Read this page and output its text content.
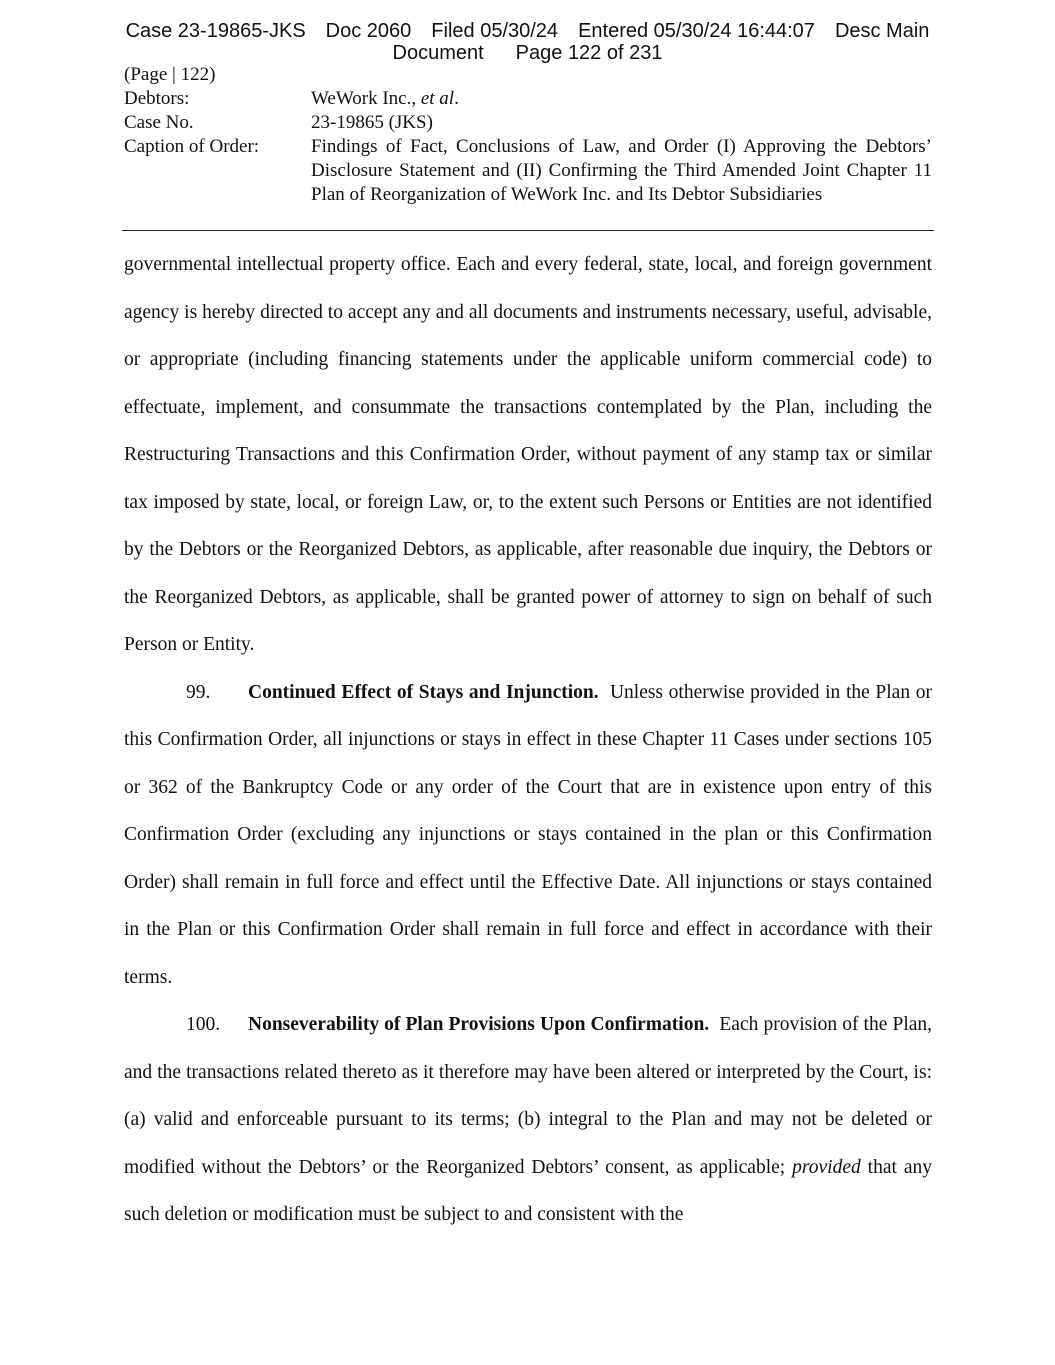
Case 23-19865-JKS Doc 2060 Filed 05/30/24 Entered 05/30/24 16:44:07 Desc Main
Document Page 122 of 231
(Page | 122)
Debtors:	WeWork Inc., et al.
Case No.	23-19865 (JKS)
Caption of Order:	Findings of Fact, Conclusions of Law, and Order (I) Approving the Debtors’ Disclosure Statement and (II) Confirming the Third Amended Joint Chapter 11 Plan of Reorganization of WeWork Inc. and Its Debtor Subsidiaries

governmental intellectual property office. Each and every federal, state, local, and foreign government agency is hereby directed to accept any and all documents and instruments necessary, useful, advisable, or appropriate (including financing statements under the applicable uniform commercial code) to effectuate, implement, and consummate the transactions contemplated by the Plan, including the Restructuring Transactions and this Confirmation Order, without payment of any stamp tax or similar tax imposed by state, local, or foreign Law, or, to the extent such Persons or Entities are not identified by the Debtors or the Reorganized Debtors, as applicable, after reasonable due inquiry, the Debtors or the Reorganized Debtors, as applicable, shall be granted power of attorney to sign on behalf of such Person or Entity.

99. Continued Effect of Stays and Injunction. Unless otherwise provided in the Plan or this Confirmation Order, all injunctions or stays in effect in these Chapter 11 Cases under sections 105 or 362 of the Bankruptcy Code or any order of the Court that are in existence upon entry of this Confirmation Order (excluding any injunctions or stays contained in the plan or this Confirmation Order) shall remain in full force and effect until the Effective Date. All injunctions or stays contained in the Plan or this Confirmation Order shall remain in full force and effect in accordance with their terms.

100. Nonseverability of Plan Provisions Upon Confirmation. Each provision of the Plan, and the transactions related thereto as it therefore may have been altered or interpreted by the Court, is: (a) valid and enforceable pursuant to its terms; (b) integral to the Plan and may not be deleted or modified without the Debtors’ or the Reorganized Debtors’ consent, as applicable; provided that any such deletion or modification must be subject to and consistent with the
